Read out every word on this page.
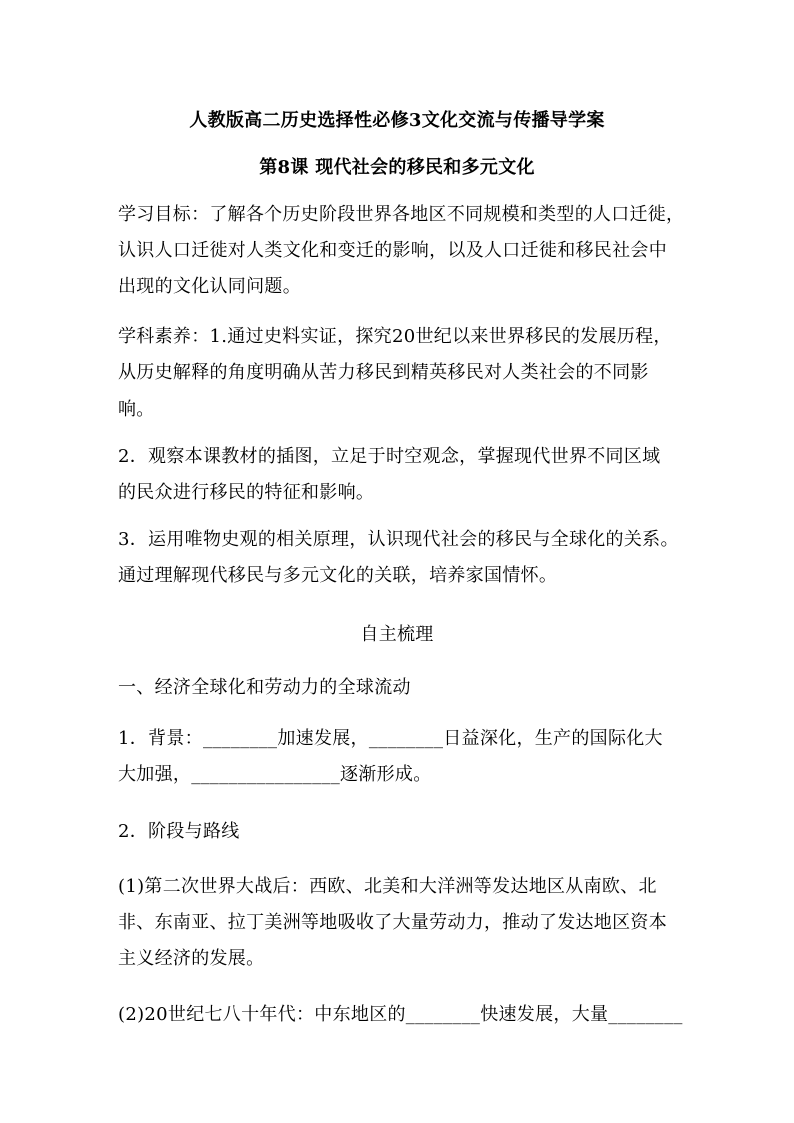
人教版高二历史选择性必修3文化交流与传播导学案
第8课 现代社会的移民和多元文化
学习目标：了解各个历史阶段世界各地区不同规模和类型的人口迁徙，
认识人口迁徙对人类文化和变迁的影响，以及人口迁徙和移民社会中
出现的文化认同问题。
学科素养：1.通过史料实证，探究20世纪以来世界移民的发展历程，
从历史解释的角度明确从苦力移民到精英移民对人类社会的不同影
响。
2．观察本课教材的插图，立足于时空观念，掌握现代世界不同区域
的民众进行移民的特征和影响。
3．运用唯物史观的相关原理，认识现代社会的移民与全球化的关系。
通过理解现代移民与多元文化的关联，培养家国情怀。
自主梳理
一、经济全球化和劳动力的全球流动
1．背景：________加速发展，________日益深化，生产的国际化大
大加强，________________逐渐形成。
2．阶段与路线
(1)第二次世界大战后：西欧、北美和大洋洲等发达地区从南欧、北
非、东南亚、拉丁美洲等地吸收了大量劳动力，推动了发达地区资本
主义经济的发展。
(2)20世纪七八十年代：中东地区的________快速发展，大量________
